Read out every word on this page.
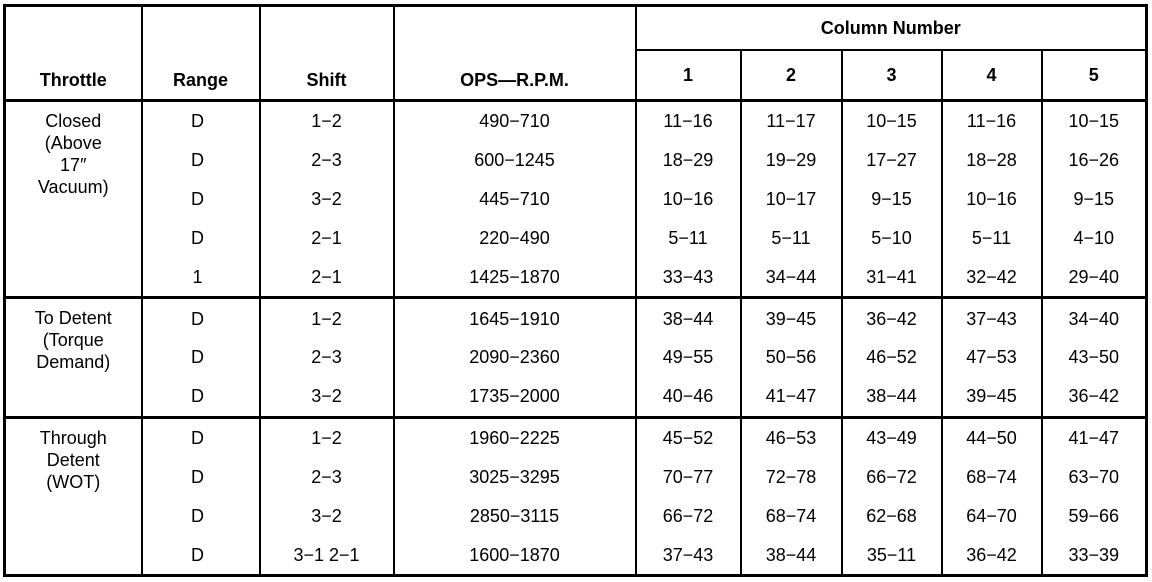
Throttle	Range	Shift	OPS—R.P.M.	Column Number				
				1	2	3	4	5

Closed
(Above
17″
Vacuum)	D	1−2	490−710	11−16	11−17	10−15	11−16	10−15
	D	2−3	600−1245	18−29	19−29	17−27	18−28	16−26
	D	3−2	445−710	10−16	10−17	9−15	10−16	9−15
	D	2−1	220−490	5−11	5−11	5−10	5−11	4−10
	1	2−1	1425−1870	33−43	34−44	31−41	32−42	29−40

To Detent
(Torque
Demand)	D	1−2	1645−1910	38−44	39−45	36−42	37−43	34−40
	D	2−3	2090−2360	49−55	50−56	46−52	47−53	43−50
	D	3−2	1735−2000	40−46	41−47	38−44	39−45	36−42

Through
Detent
(WOT)	D	1−2	1960−2225	45−52	46−53	43−49	44−50	41−47
	D	2−3	3025−3295	70−77	72−78	66−72	68−74	63−70
	D	3−2	2850−3115	66−72	68−74	62−68	64−70	59−66
	D	3−1 2−1	1600−1870	37−43	38−44	35−11	36−42	33−39
